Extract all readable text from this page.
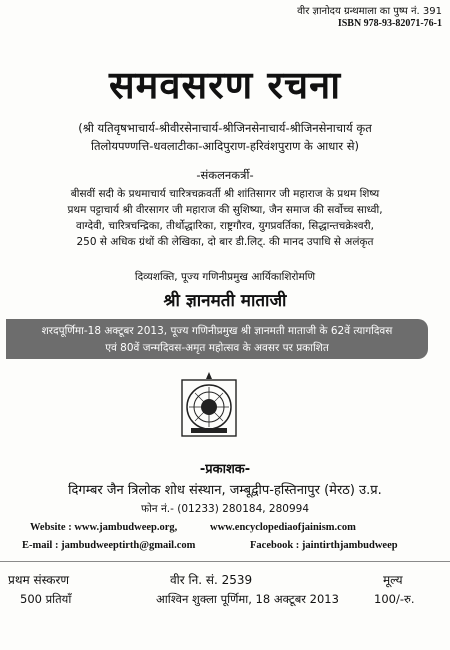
वीर ज्ञानोदय ग्रन्थमाला का पुष्प नं. 391
ISBN 978-93-82071-76-1
समवसरण रचना
(श्री यतिवृषभाचार्य-श्रीवीरसेनाचार्य-श्रीजिनसेनाचार्य-श्रीजिनसेनाचार्य कृत
तिलोयपण्णत्ति-धवलाटीका-आदिपुराण-हरिवंशपुराण के आधार से)
-संकलनकर्त्री-
बीसवीं सदी के प्रथमाचार्य चारित्रचक्रवर्ती श्री शांतिसागर जी महाराज के प्रथम शिष्य
प्रथम पट्टाचार्य श्री वीरसागर जी महाराज की सुशिष्या, जैन समाज की सर्वोच्च साध्वी,
वाग्देवी, चारित्रचन्द्रिका, तीर्थोद्धारिका, राष्ट्रगौरव, युगप्रवर्तिका, सिद्धान्तचक्रेश्वरी,
250 से अधिक ग्रंथों की लेखिका, दो बार डी.लिट्. की मानद उपाधि से अलंकृत
दिव्यशक्ति, पूज्य गणिनीप्रमुख आर्यिकाशिरोमणि
श्री ज्ञानमती माताजी
शरदपूर्णिमा-18 अक्टूबर 2013, पूज्य गणिनीप्रमुख श्री ज्ञानमती माताजी के 62वें त्यागदिवस
एवं 80वें जन्मदिवस-अमृत महोत्सव के अवसर पर प्रकाशित
-प्रकाशक-
दिगम्बर जैन त्रिलोक शोध संस्थान, जम्बूद्वीप-हस्तिनापुर (मेरठ) उ.प्र.
फोन नं.- (01233) 280184, 280994
Website : www.jambudweep.org,	www.encyclopediaofjainism.com
E-mail : jambudweeptirth@gmail.com	Facebook : jaintirthjambudweep
प्रथम संस्करण
500 प्रतियाँ
वीर नि. सं. 2539
आश्विन शुक्ला पूर्णिमा, 18 अक्टूबर 2013
मूल्य
100/-रु.
